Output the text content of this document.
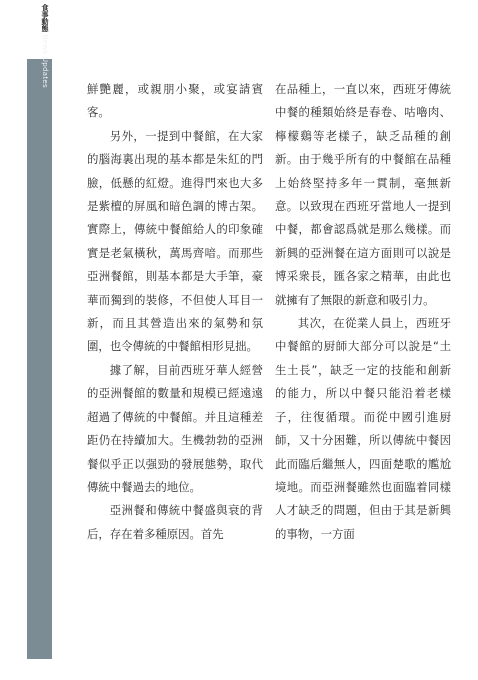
食事動態 News Updates

鮮艷麗，或親朋小聚，或宴請賓客。

另外，一提到中餐館，在大家的腦海裏出現的基本都是朱紅的門臉，低懸的紅燈。進得門來也大多是紫檀的屏風和暗色調的博古架。實際上，傳統中餐館給人的印象確實是老氣橫秋，萬馬齊喑。而那些亞洲餐館，則基本都是大手筆，豪華而獨到的裝修，不但使人耳目一新，而且其營造出來的氣勢和氛圍，也令傳統的中餐館相形見拙。

據了解，目前西班牙華人經營的亞洲餐館的數量和規模已經遠遠超過了傳統的中餐館。并且這種差距仍在持續加大。生機勃勃的亞洲餐似乎正以强勁的發展態勢，取代傳統中餐過去的地位。

亞洲餐和傳統中餐盛與衰的背后，存在着多種原因。首先

在品種上，一直以來，西班牙傳統中餐的種類始終是春卷、咕嚕肉、檸檬鷄等老樣子，缺乏品種的創新。由于幾乎所有的中餐館在品種上始終堅持多年一貫制，毫無新意。以致現在西班牙當地人一提到中餐，都會認爲就是那么幾樣。而新興的亞洲餐在這方面則可以說是博采衆長，匯各家之精華，由此也就擁有了無限的新意和吸引力。

其次，在從業人員上，西班牙中餐館的厨師大部分可以說是“土生土長”，缺乏一定的技能和創新的能力，所以中餐只能沿着老樣子，往復循環。而從中國引進厨師，又十分困難，所以傳統中餐因此而臨后繼無人，四面楚歌的尷尬境地。而亞洲餐雖然也面臨着同樣人才缺乏的問題，但由于其是新興的事物，一方面
